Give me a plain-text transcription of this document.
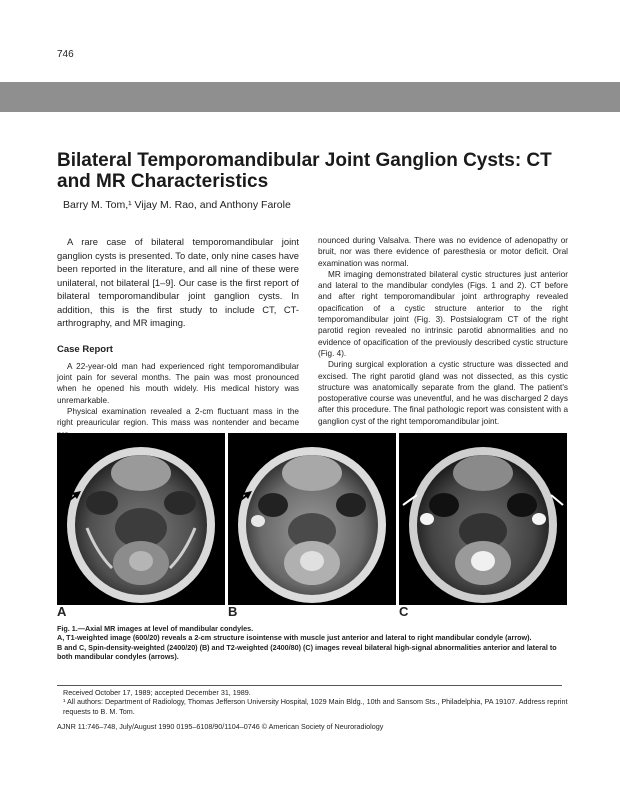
746
Bilateral Temporomandibular Joint Ganglion Cysts: CT and MR Characteristics
Barry M. Tom,¹ Vijay M. Rao, and Anthony Farole

A rare case of bilateral temporomandibular joint ganglion cysts is presented. To date, only nine cases have been reported in the literature, and all nine of these were unilateral, not bilateral [1–9]. Our case is the first report of bilateral temporomandibular joint ganglion cysts. In addition, this is the first study to include CT, CT-arthrography, and MR imaging.

Case Report

A 22-year-old man had experienced right temporomandibular joint pain for several months. The pain was most pronounced when he opened his mouth widely. His medical history was unremarkable.

Physical examination revealed a 2-cm fluctuant mass in the right preauricular region. This mass was nontender and became

nounced during Valsalva. There was no evidence of adenopathy or bruit, nor was there evidence of paresthesia or motor deficit. Oral examination was normal.

MR imaging demonstrated bilateral cystic structures just anterior and lateral to the mandibular condyles (Figs. 1 and 2). CT before and after right temporomandibular joint arthrography revealed opacification of a cystic structure anterior to the right temporomandibular joint (Fig. 3). Postsialogram CT of the right parotid region revealed no intrinsic parotid abnormalities and no evidence of opacification of the previously described cystic structure (Fig. 4).

During surgical exploration a cystic structure was dissected and excised. The right parotid gland was not dissected, as this cystic structure was anatomically separate from the gland. The patient's postoperative course was uneventful, and he was discharged 2 days after this procedure. The final pathologic report was consistent with a ganglion cyst of the right temporomandibular joint.

A	B	C
Fig. 1.—Axial MR images at level of mandibular condyles.
A, T1-weighted image (600/20) reveals a 2-cm structure isointense with muscle just anterior and lateral to right mandibular condyle (arrow).
B and C, Spin-density-weighted (2400/20) (B) and T2-weighted (2400/80) (C) images reveal bilateral high-signal abnormalities anterior and lateral to both mandibular condyles (arrows).
Received October 17, 1989; accepted December 31, 1989.
¹ All authors: Department of Radiology, Thomas Jefferson University Hospital, 1029 Main Bldg., 10th and Sansom Sts., Philadelphia, PA 19107. Address reprint requests to B. M. Tom.
AJNR 11:746–748, July/August 1990 0195–6108/90/1104–0746 © American Society of Neuroradiology
